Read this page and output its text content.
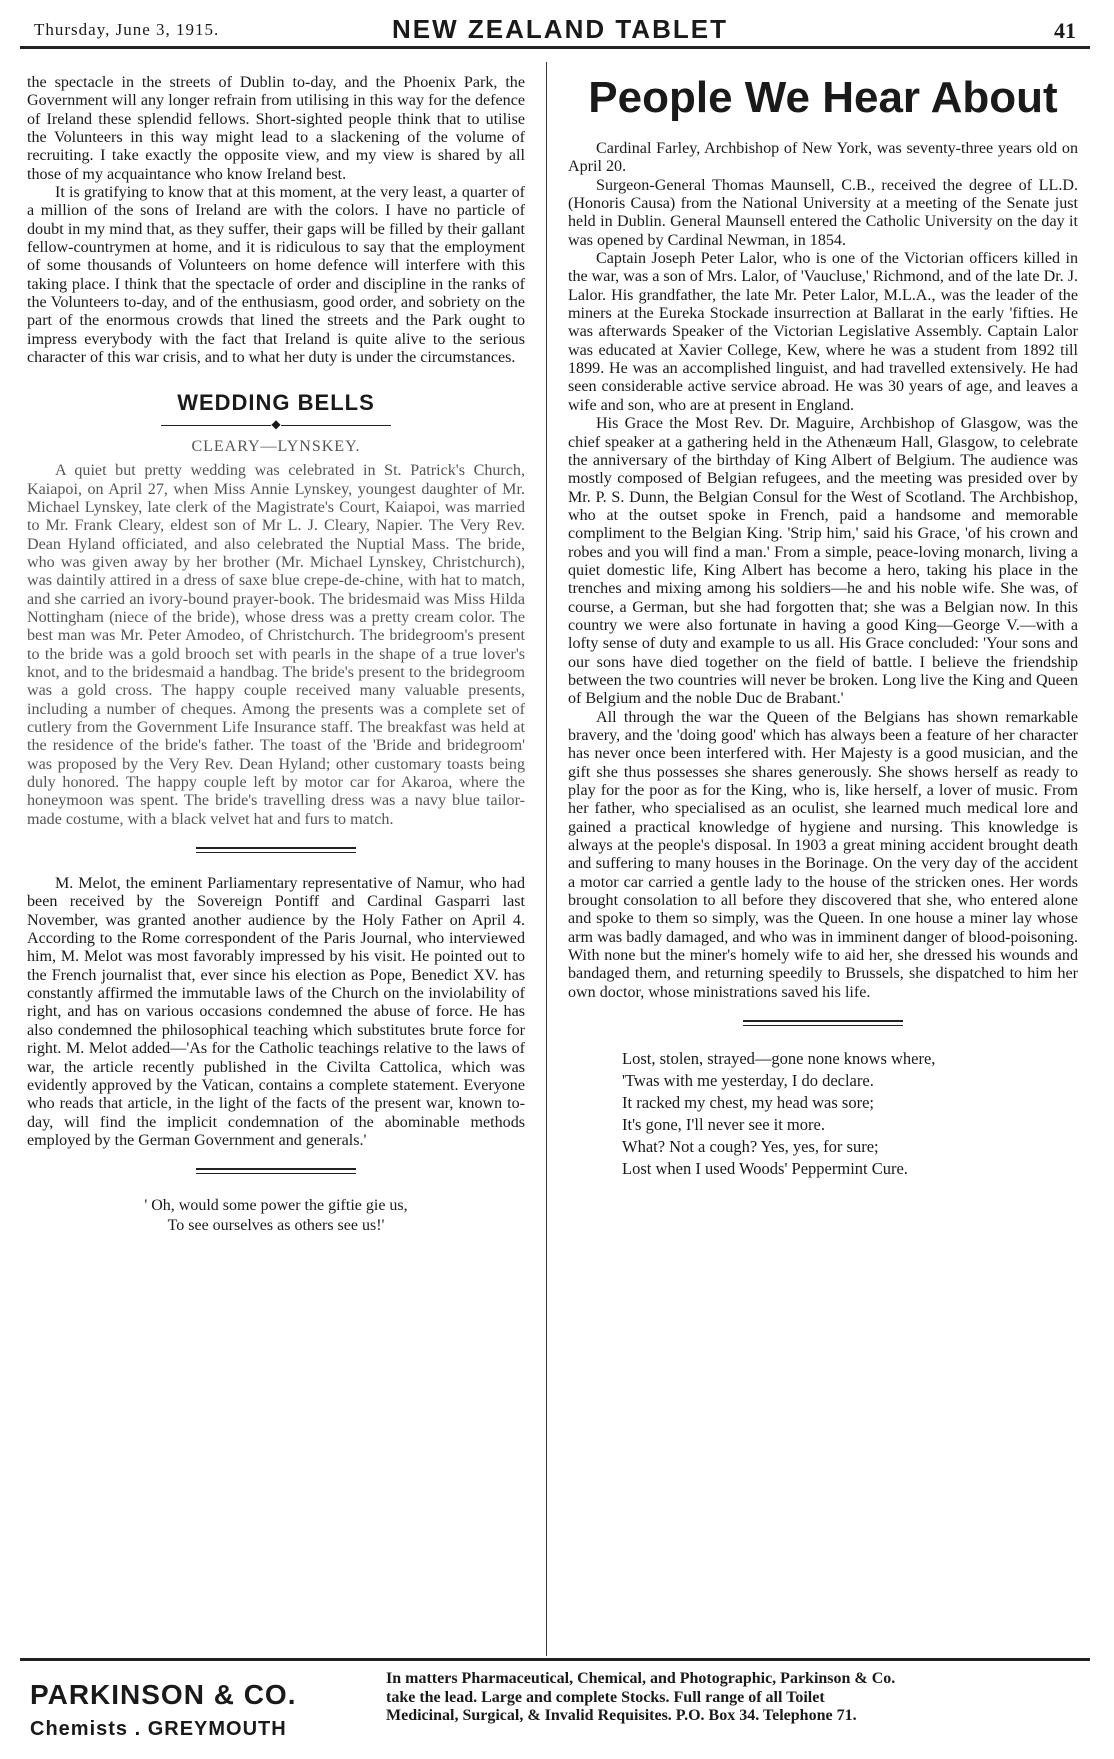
Thursday, June 3, 1915.	NEW ZEALAND TABLET	41

the spectacle in the streets of Dublin to-day, and the Phoenix Park, the Government will any longer refrain from utilising in this way for the defence of Ireland these splendid fellows. Short-sighted people think that to utilise the Volunteers in this way might lead to a slackening of the volume of recruiting. I take exactly the opposite view, and my view is shared by all those of my acquaintance who know Ireland best.

It is gratifying to know that at this moment, at the very least, a quarter of a million of the sons of Ireland are with the colors. I have no particle of doubt in my mind that, as they suffer, their gaps will be filled by their gallant fellow-countrymen at home, and it is ridiculous to say that the employment of some thousands of Volunteers on home defence will interfere with this taking place. I think that the spectacle of order and discipline in the ranks of the Volunteers to-day, and of the enthusiasm, good order, and sobriety on the part of the enormous crowds that lined the streets and the Park ought to impress everybody with the fact that Ireland is quite alive to the serious character of this war crisis, and to what her duty is under the circumstances.

WEDDING BELLS
◆
CLEARY—LYNSKEY.

A quiet but pretty wedding was celebrated in St. Patrick's Church, Kaiapoi, on April 27, when Miss Annie Lynskey, youngest daughter of Mr. Michael Lynskey, late clerk of the Magistrate's Court, Kaiapoi, was married to Mr. Frank Cleary, eldest son of Mr L. J. Cleary, Napier. The Very Rev. Dean Hyland officiated, and also celebrated the Nuptial Mass. The bride, who was given away by her brother (Mr. Michael Lynskey, Christchurch), was daintily attired in a dress of saxe blue crepe-de-chine, with hat to match, and she carried an ivory-bound prayer-book. The bridesmaid was Miss Hilda Nottingham (niece of the bride), whose dress was a pretty cream color. The best man was Mr. Peter Amodeo, of Christchurch. The bridegroom's present to the bride was a gold brooch set with pearls in the shape of a true lover's knot, and to the bridesmaid a handbag. The bride's present to the bridegroom was a gold cross. The happy couple received many valuable presents, including a number of cheques. Among the presents was a complete set of cutlery from the Government Life Insurance staff. The breakfast was held at the residence of the bride's father. The toast of the 'Bride and bridegroom' was proposed by the Very Rev. Dean Hyland; other customary toasts being duly honored. The happy couple left by motor car for Akaroa, where the honeymoon was spent. The bride's travelling dress was a navy blue tailor-made costume, with a black velvet hat and furs to match.

M. Melot, the eminent Parliamentary representative of Namur, who had been received by the Sovereign Pontiff and Cardinal Gasparri last November, was granted another audience by the Holy Father on April 4. According to the Rome correspondent of the Paris Journal, who interviewed him, M. Melot was most favorably impressed by his visit. He pointed out to the French journalist that, ever since his election as Pope, Benedict XV. has constantly affirmed the immutable laws of the Church on the inviolability of right, and has on various occasions condemned the abuse of force. He has also condemned the philosophical teaching which substitutes brute force for right. M. Melot added—'As for the Catholic teachings relative to the laws of war, the article recently published in the Civilta Cattolica, which was evidently approved by the Vatican, contains a complete statement. Everyone who reads that article, in the light of the facts of the present war, known to-day, will find the implicit condemnation of the abominable methods employed by the German Government and generals.'

' Oh, would some power the giftie gie us,
To see ourselves as others see us!'
People We Hear About

Cardinal Farley, Archbishop of New York, was seventy-three years old on April 20.

Surgeon-General Thomas Maunsell, C.B., received the degree of LL.D. (Honoris Causa) from the National University at a meeting of the Senate just held in Dublin. General Maunsell entered the Catholic University on the day it was opened by Cardinal Newman, in 1854.

Captain Joseph Peter Lalor, who is one of the Victorian officers killed in the war, was a son of Mrs. Lalor, of 'Vaucluse,' Richmond, and of the late Dr. J. Lalor. His grandfather, the late Mr. Peter Lalor, M.L.A., was the leader of the miners at the Eureka Stockade insurrection at Ballarat in the early 'fifties. He was afterwards Speaker of the Victorian Legislative Assembly. Captain Lalor was educated at Xavier College, Kew, where he was a student from 1892 till 1899. He was an accomplished linguist, and had travelled extensively. He had seen considerable active service abroad. He was 30 years of age, and leaves a wife and son, who are at present in England.

His Grace the Most Rev. Dr. Maguire, Archbishop of Glasgow, was the chief speaker at a gathering held in the Athenæum Hall, Glasgow, to celebrate the anniversary of the birthday of King Albert of Belgium. The audience was mostly composed of Belgian refugees, and the meeting was presided over by Mr. P. S. Dunn, the Belgian Consul for the West of Scotland. The Archbishop, who at the outset spoke in French, paid a handsome and memorable compliment to the Belgian King. 'Strip him,' said his Grace, 'of his crown and robes and you will find a man.' From a simple, peace-loving monarch, living a quiet domestic life, King Albert has become a hero, taking his place in the trenches and mixing among his soldiers—he and his noble wife. She was, of course, a German, but she had forgotten that; she was a Belgian now. In this country we were also fortunate in having a good King—George V.—with a lofty sense of duty and example to us all. His Grace concluded: 'Your sons and our sons have died together on the field of battle. I believe the friendship between the two countries will never be broken. Long live the King and Queen of Belgium and the noble Duc de Brabant.'

All through the war the Queen of the Belgians has shown remarkable bravery, and the 'doing good' which has always been a feature of her character has never once been interfered with. Her Majesty is a good musician, and the gift she thus possesses she shares generously. She shows herself as ready to play for the poor as for the King, who is, like herself, a lover of music. From her father, who specialised as an oculist, she learned much medical lore and gained a practical knowledge of hygiene and nursing. This knowledge is always at the people's disposal. In 1903 a great mining accident brought death and suffering to many houses in the Borinage. On the very day of the accident a motor car carried a gentle lady to the house of the stricken ones. Her words brought consolation to all before they discovered that she, who entered alone and spoke to them so simply, was the Queen. In one house a miner lay whose arm was badly damaged, and who was in imminent danger of blood-poisoning. With none but the miner's homely wife to aid her, she dressed his wounds and bandaged them, and returning speedily to Brussels, she dispatched to him her own doctor, whose ministrations saved his life.

Lost, stolen, strayed—gone none knows where,
'Twas with me yesterday, I do declare.
It racked my chest, my head was sore;
It's gone, I'll never see it more.
What? Not a cough? Yes, yes, for sure;
Lost when I used Woods' Peppermint Cure.
PARKINSON & CO.
Chemists . GREYMOUTH
In matters Pharmaceutical, Chemical, and Photographic, Parkinson & Co.
take the lead. Large and complete Stocks. Full range of all Toilet
Medicinal, Surgical, & Invalid Requisites. P.O. Box 34. Telephone 71.
